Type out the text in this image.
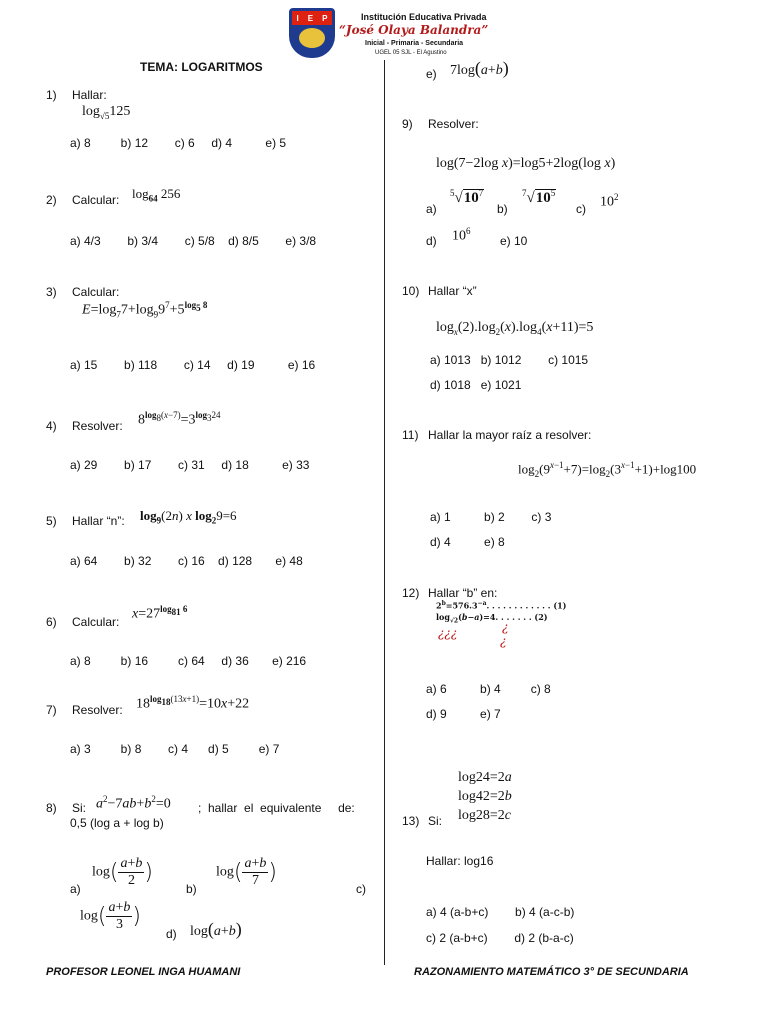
I E P	Institución Educativa Privada
“José Olaya Balandra”
Inicial - Primaria - Secundaria
UGEL 05 SJL - El Agustino
TEMA: LOGARITMOS
1) Hallar:
$\log_{√5}125$
a) 8         b) 12        c) 6     d) 4          e) 5
2) Calcular: $\log_{64} 256$
a) 4/3        b) 3/4        c) 5/8    d) 8/5        e) 3/8
3) Calcular:
$E=\log_77+\log_99^7+5^{log_5 8}$
a) 15        b) 118        c) 14     d) 19          e) 16
4) Resolver: $8^{log_8(x-7)}=3^{log_324}$
a) 29        b) 17        c) 31     d) 18          e) 33
5) Hallar “n”: $\log_9(2n)$ x $\log_29=6$
a) 64        b) 32        c) 16    d) 128       e) 48
6) Calcular:
$x=27^{log_{81} 6}$
a) 8         b) 16         c) 64     d) 36       e) 216
7) Resolver: $18^{log_{18}(13x+1)}=10x+22$
a) 3         b) 8        c) 4      d) 5         e) 7
8) Si: $a^2-7ab+b^2=0$ ;  hallar  el  equivalente     de:
0,5 (log a + log b)
a)
$\log( \frac{a+b}{2}$ )
b)
$\log( \frac{a+b}{7}$ )
c)
$\log( \frac{a+b}{3}$ )
d) log(a+b)
e) 7log(a+b)
9) Resolver:
log(7−2log x)=log5+2log(log x)
a)
$^5√10^7$
b)
$^7√10^5$
c) $10^2$
d) $10^6$
e) 10
10) Hallar “x”
$\log_x(2).\log_2(x).\log_4(x+11)=5$
a) 1013   b) 1012        c) 1015
d) 1018   e) 1021
11) Hallar la mayor raíz a resolver:
$\log_2(9^{x-1}+7)=\log_2(3^{x-1}+1)+\log 100$
a) 1          b) 2        c) 3
d) 4          e) 8
12) Hallar “b” en:
$2^b=576.3^{-a}$. . . . . . . . . . . . (1)
$\log_{√2}(b-a)=4$. . . . . . . (2)
¿¿¿	¿
¿
a) 6          b) 4         c) 8
d) 9          e) 7
log24=2a
log42=2b
log28=2c
13) Si:
Hallar: log16
a) 4 (a-b+c)        b) 4 (a-c-b)
c) 2 (a-b+c)        d) 2 (b-a-c)
PROFESOR LEONEL INGA HUAMANI	RAZONAMIENTO MATEMÁTICO 3° DE SECUNDARIA
